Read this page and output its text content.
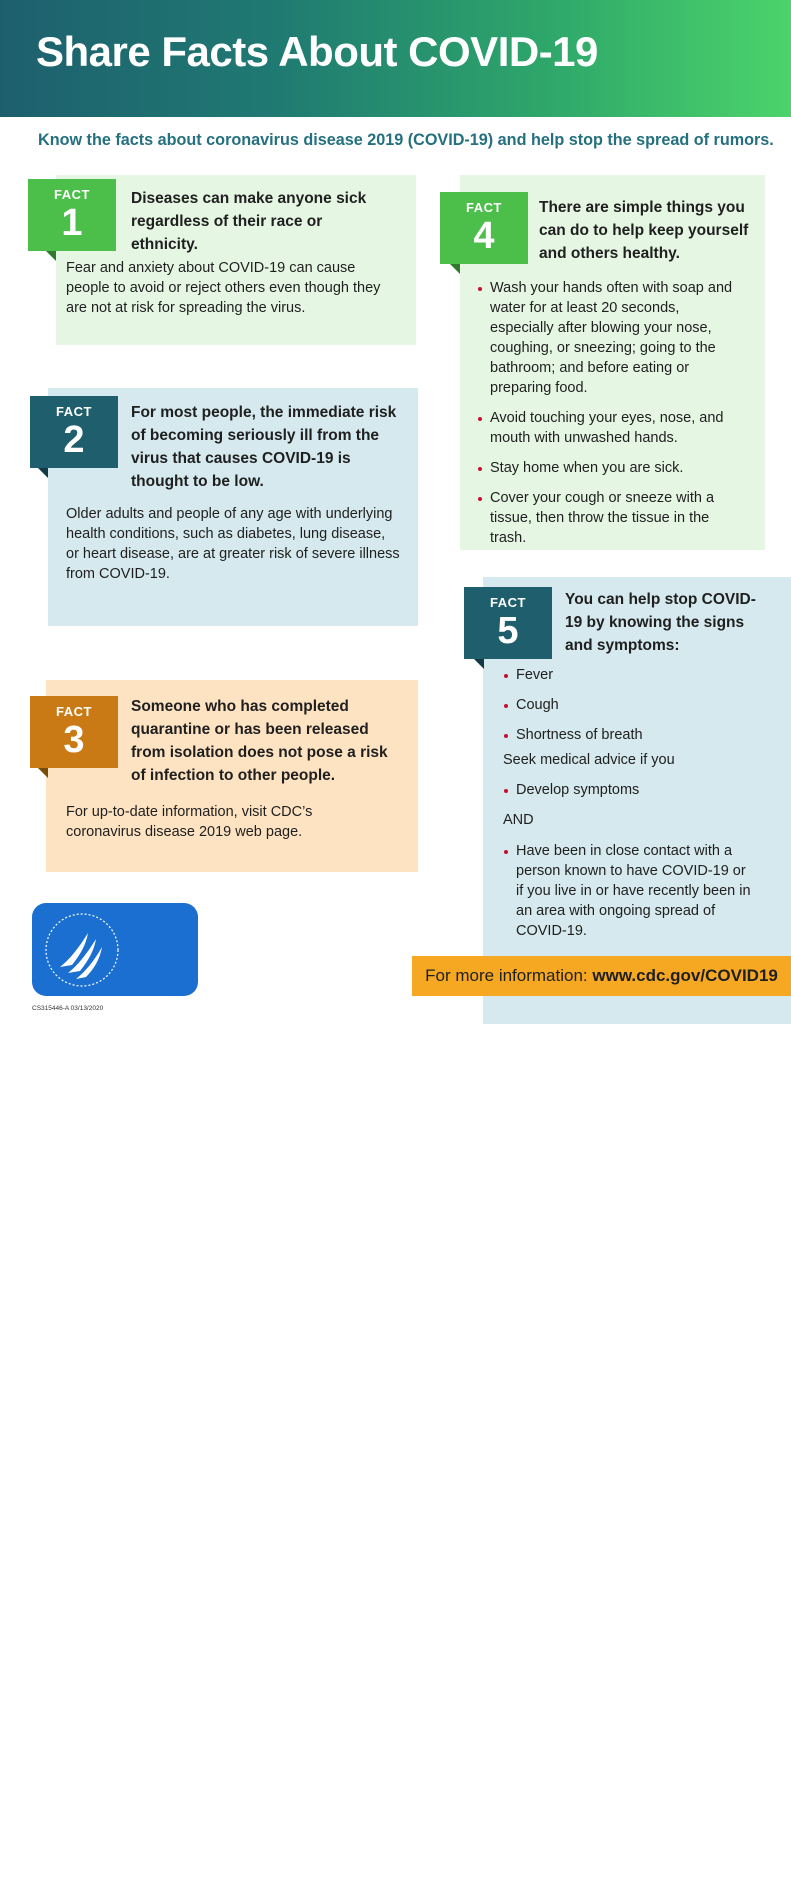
Share Facts About COVID-19

Know the facts about coronavirus disease 2019 (COVID-19) and help stop the spread of rumors.

FACT
1

Diseases can make anyone sick regardless of their race or ethnicity.

Fear and anxiety about COVID-19 can cause people to avoid or reject others even though they are not at risk for spreading the virus.

FACT
2

For most people, the immediate risk of becoming seriously ill from the virus that causes COVID-19 is thought to be low.

Older adults and people of any age with underlying health conditions, such as diabetes, lung disease, or heart disease, are at greater risk of severe illness from COVID-19.

FACT
3

Someone who has completed quarantine or has been released from isolation does not pose a risk of infection to other people.

For up-to-date information, visit CDC’s coronavirus disease 2019 web page.

FACT
4

There are simple things you can do to help keep yourself and others healthy.

Wash your hands often with soap and water for at least 20 seconds, especially after blowing your nose, coughing, or sneezing; going to the bathroom; and before eating or preparing food.
Avoid touching your eyes, nose, and mouth with unwashed hands.
Stay home when you are sick.
Cover your cough or sneeze with a tissue, then throw the tissue in the trash.
FACT
5

You can help stop COVID-19 by knowing the signs and symptoms:

Fever
Cough
Shortness of breath

Seek medical advice if you

Develop symptoms

AND

Have been in close contact with a person known to have COVID-19 or if you live in or have recently been in an area with ongoing spread of COVID-19.
CDC
For more information: www.cdc.gov/COVID19
CS315446-A 03/13/2020
